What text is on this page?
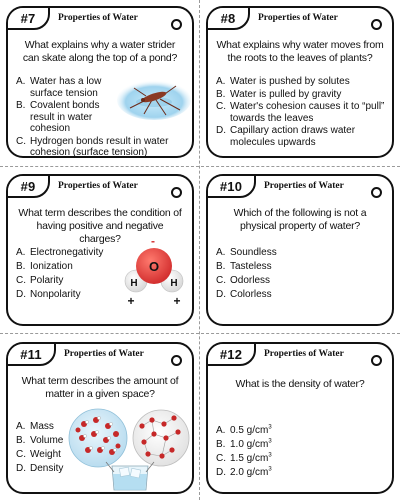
#7	Properties of Water
What explains why a water strider can skate along the top of a pond?
A. Water has a low surface tension
B. Covalent bonds result in water cohesion
C. Hydrogen bonds result in water cohesion (surface tension)
#8	Properties of Water
What explains why water moves from the roots to the leaves of plants?
A. Water is pushed by solutes
B. Water is pulled by gravity
C. Water's cohesion causes it to “pull” towards the leaves
D. Capillary action draws water molecules upwards
#9	Properties of Water
What term describes the condition of having positive and negative charges?
A. Electronegativity
B. Ionization
C. Polarity
D. Nonpolarity
-
O
H	H
+	+
#10	Properties of Water
Which of the following is not a physical property of water?
A. Soundless
B. Tasteless
C. Odorless
D. Colorless
#11	Properties of Water
What term describes the amount of matter in a given space?
A. Mass
B. Volume
C. Weight
D. Density
#12	Properties of Water
What is the density of water?
A. 0.5 $g/cm^3$
B. 1.0 $g/cm^3$
C. 1.5 $g/cm^3$
D. 2.0 $g/cm^3$
